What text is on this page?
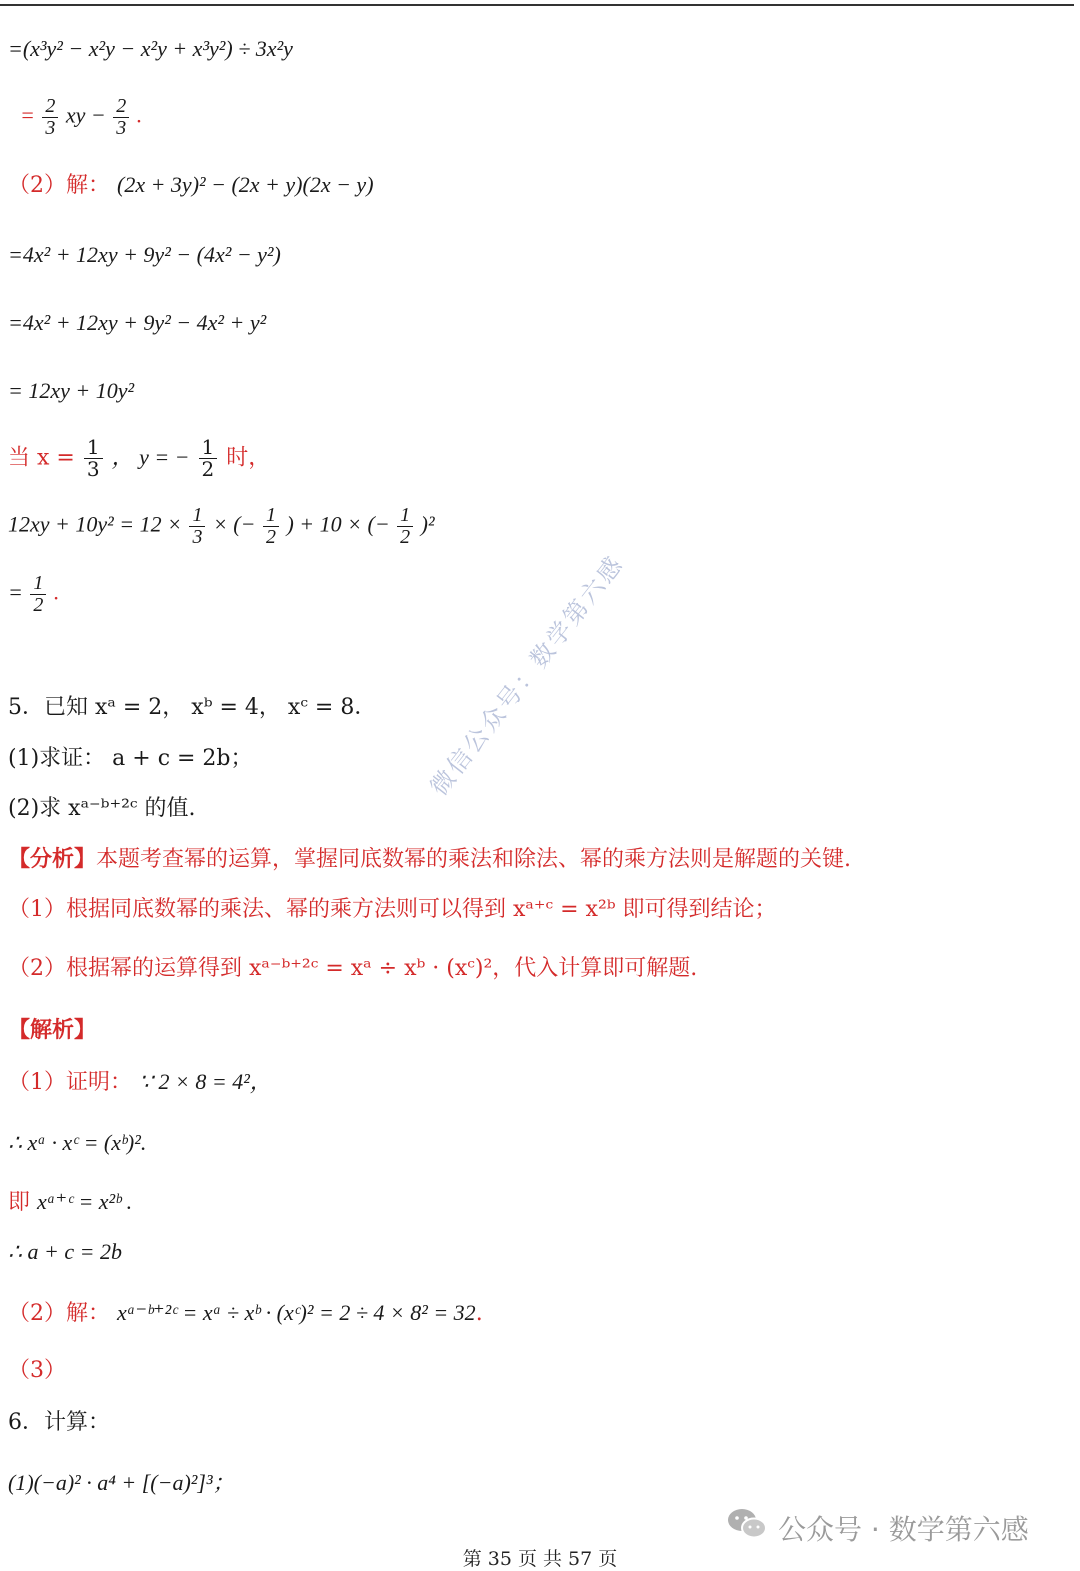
=(x³y² − x²y − x²y + x³y²) ÷ 3x²y
= $\frac{2}{3}$ xy − $\frac{2}{3}$ .
（2）解： (2x + 3y)² − (2x + y)(2x − y)
=4x² + 12xy + 9y² − (4x² − y²)
=4x² + 12xy + 9y² − 4x² + y²
= 12xy + 10y²
当 $x = \frac{1}{3}$ ， y = − $\frac{1}{2}$ 时，
$12xy + 10y^2 = 12 \times \frac{1}{3}$ × (− $\frac{1}{2}$ ) + 10 × (− $\frac{1}{2} )^2$
= $\frac{1}{2}$ .
5．已知 xᵃ = 2， xᵇ = 4， xᶜ = 8．
(1)求证： a + c = 2b；
(2)求 xᵃ⁻ᵇ⁺²ᶜ 的值.
【分析】本题考查幂的运算，掌握同底数幂的乘法和除法、幂的乘方法则是解题的关键.
（1）根据同底数幂的乘法、幂的乘方法则可以得到 xᵃ⁺ᶜ = x²ᵇ 即可得到结论；
（2）根据幂的运算得到 xᵃ⁻ᵇ⁺²ᶜ = xᵃ ÷ xᵇ · (xᶜ)²，代入计算即可解题.
【解析】
（1）证明： ∵ 2 × 8 = 4²，
∴ xᵃ · xᶜ = (xᵇ)².
即 xᵃ⁺ᶜ = x²ᵇ .
∴ a + c = 2b
（2）解： xᵃ⁻ᵇ⁺²ᶜ = xᵃ ÷ xᵇ · (xᶜ)² = 2 ÷ 4 × 8² = 32.
（3）
6．计算：
(1)(−a)² · a⁴ + [(−a)²]³；
微信公众号：数学第六感
公众号 · 数学第六感
第 35 页 共 57 页
